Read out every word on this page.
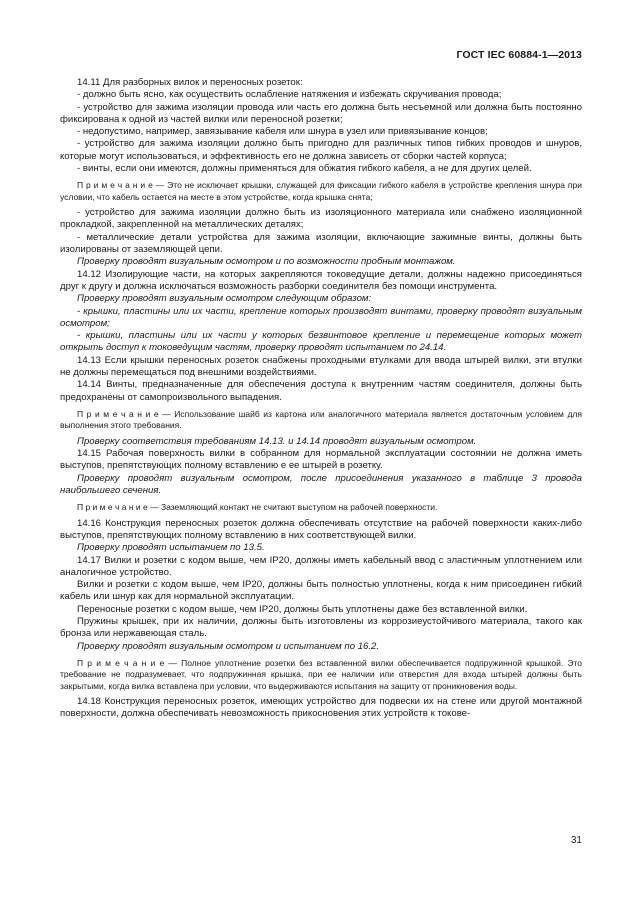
ГОСТ IEC 60884-1—2013

14.11 Для разборных вилок и переносных розеток:

- должно быть ясно, как осуществить ослабление натяжения и избежать скручивания провода;

- устройство для зажима изоляции провода или часть его должна быть несъемной или должна быть постоянно фиксирована к одной из частей вилки или переносной розетки;

- недопустимо, например, завязывание кабеля или шнура в узел или привязывание концов;

- устройство для зажима изоляции должно быть пригодно для различных типов гибких проводов и шнуров, которые могут использоваться, и эффективность его не должна зависеть от сборки частей корпуса;

- винты, если они имеются, должны применяться для обжатия гибкого кабеля, а не для других целей.

П р и м е ч а н и е — Это не исключает крышки, служащей для фиксации гибкого кабеля в устройстве крепления шнура при условии, что кабель остается на месте в этом устройстве, когда крышка снята;

- устройство для зажима изоляции должно быть из изоляционного материала или снабжено изоляционной прокладкой, закрепленной на металлических деталях;

- металлические детали устройства для зажима изоляции, включающие зажимные винты, должны быть изолированы от заземляющей цепи.

Проверку проводят визуальным осмотром и по возможности пробным монтажом.

14.12 Изолирующие части, на которых закрепляются токоведущие детали, должны надежно присоединяться друг к другу и должна исключаться возможность разборки соединителя без помощи инструмента.

Проверку проводят визуальным осмотром следующим образом:

- крышки, пластины или их части, крепление которых производят винтами, проверку проводят визуальным осмотром;

- крышки, пластины или их части у которых безвинтовое крепление и перемещение которых может открыть доступ к токоведущим частям, проверку проводят испытанием по 24.14.

14.13 Если крышки переносных розеток снабжены проходными втулками для ввода штырей вилки, эти втулки не должны перемещаться под внешними воздействиями.

14.14 Винты, предназначенные для обеспечения доступа к внутренним частям соединителя, должны быть предохранены от самопроизвольного выпадения.

П р и м е ч а н и е — Использование шайб из картона или аналогичного материала является достаточным условием для выполнения этого требования.

Проверку соответствия требованиям 14.13. и 14.14 проводят визуальным осмотром.

14.15 Рабочая поверхность вилки в собранном для нормальной эксплуатации состоянии не должна иметь выступов, препятствующих полному вставлению е ее штырей в розетку.

Проверку проводят визуальным осмотром, после присоединения указанного в таблице 3 провода наибольшего сечения.

П р и м е ч а н и е — Заземляющий контакт не считают выступом на рабочей поверхности.

14.16 Конструкция переносных розеток должна обеспечивать отсутствие на рабочей поверхности каких-либо выступов, препятствующих полному вставлению в них соответствующей вилки.

Проверку проводят испытанием по 13.5.

14.17 Вилки и розетки с кодом выше, чем IP20, должны иметь кабельный ввод с эластичным уплотнением или аналогичное устройство.

Вилки и розетки с кодом выше, чем IP20, должны быть полностью уплотнены, когда к ним присоединен гибкий кабель или шнур как для нормальной эксплуатации.

Переносные розетки с кодом выше, чем IP20, должны быть уплотнены даже без вставленной вилки.

Пружины крышек, при их наличии, должны быть изготовлены из коррозиеустойчивого материала, такого как бронза или нержавеющая сталь.

Проверку проводят визуальным осмотром и испытанием по 16.2.

П р и м е ч а н и е — Полное уплотнение розетки без вставленной вилки обеспечивается подпружинной крышкой. Это требование не подразумевает, что подпружинная крышка, при ее наличии или отверстия для входа штырей должны быть закрытыми, когда вилка вставлена при условии, что выдерживаются испытания на защиту от проникновения воды.

14.18 Конструкция переносных розеток, имеющих устройство для подвески их на стене или другой монтажной поверхности, должна обеспечивать невозможность прикосновения этих устройств к токове-

31
